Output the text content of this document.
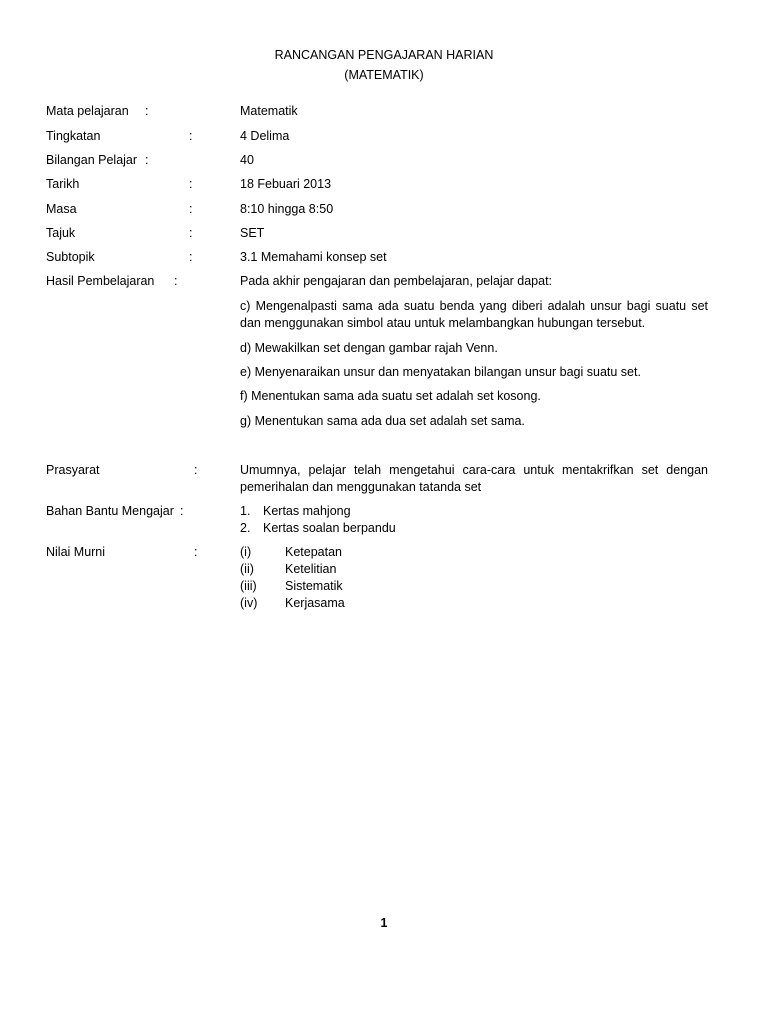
RANCANGAN PENGAJARAN HARIAN
(MATEMATIK)
Mata pelajaran :	Matematik
Tingkatan	:	4 Delima
Bilangan Pelajar :	40
Tarikh	:	18 Febuari 2013
Masa	:	8:10 hingga 8:50
Tajuk	:	SET
Subtopik	:	3.1 Memahami konsep set
Hasil Pembelajaran :	Pada akhir pengajaran dan pembelajaran, pelajar dapat:
c) Mengenalpasti sama ada suatu benda yang diberi adalah unsur bagi suatu set dan menggunakan simbol atau untuk melambangkan hubungan tersebut.
d) Mewakilkan set dengan gambar rajah Venn.
e) Menyenaraikan unsur dan menyatakan bilangan unsur bagi suatu set.
f) Menentukan sama ada suatu set adalah set kosong.
g) Menentukan sama ada dua set adalah set sama.
Prasyarat	:	Umumnya, pelajar telah mengetahui cara-cara untuk mentakrifkan set dengan pemerihalan dan menggunakan tatanda set
Bahan Bantu Mengajar :	1. Kertas mahjong
2. Kertas soalan berpandu
Nilai Murni	:	(i)	Ketepatan
(ii) Ketelitian
(iii) Sistematik
(iv) Kerjasama
1
